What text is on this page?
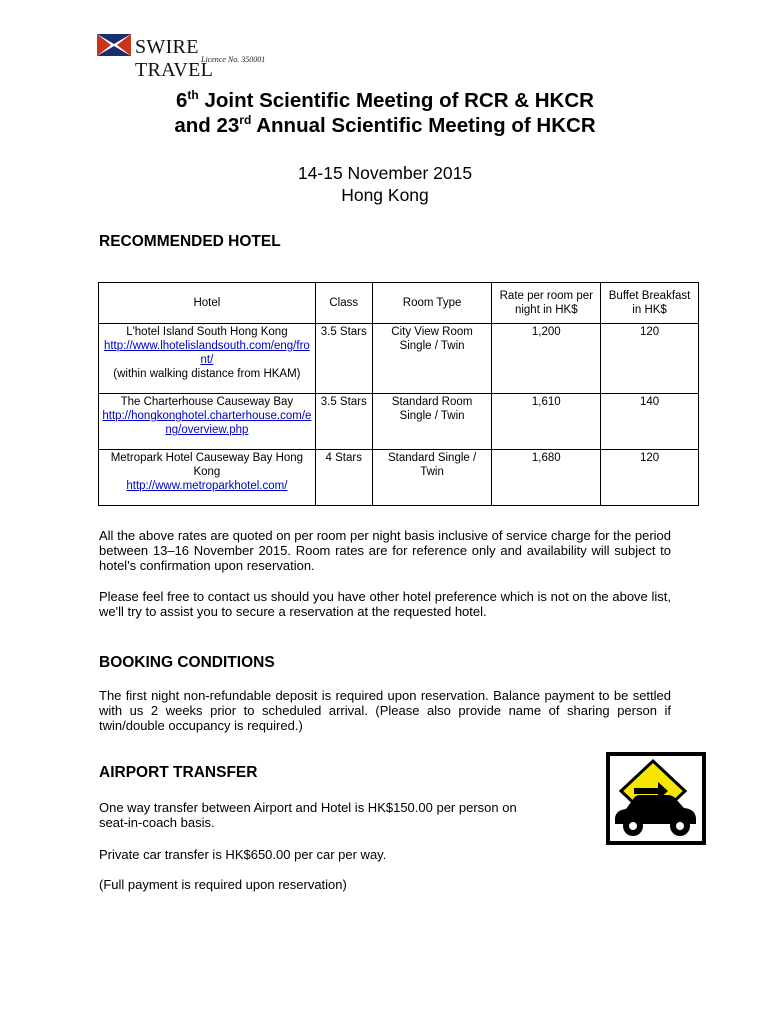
SWIRE TRAVEL
Licence No. 350001
6th Joint Scientific Meeting of RCR & HKCR
and 23rd Annual Scientific Meeting of HKCR
14-15 November 2015
Hong Kong
RECOMMENDED HOTEL
Hotel	Class	Room Type	Rate per room per night in HK$	Buffet Breakfast in HK$

L'hotel Island South Hong Kong
http://www.lhotelislandsouth.com/eng/front/
(within walking distance from HKAM)	3.5 Stars	City View Room Single / Twin	1,200	120

The Charterhouse Causeway Bay
http://hongkonghotel.charterhouse.com/eng/overview.php	3.5 Stars	Standard Room Single / Twin	1,610	140

Metropark Hotel Causeway Bay Hong Kong
http://www.metroparkhotel.com/	4 Stars	Standard Single / Twin	1,680	120
All the above rates are quoted on per room per night basis inclusive of service charge for the period between 13–16 November 2015. Room rates are for reference only and availability will subject to hotel's confirmation upon reservation.
Please feel free to contact us should you have other hotel preference which is not on the above list, we'll try to assist you to secure a reservation at the requested hotel.
BOOKING CONDITIONS
The first night non-refundable deposit is required upon reservation. Balance payment to be settled with us 2 weeks prior to scheduled arrival. (Please also provide name of sharing person if twin/double occupancy is required.)
AIRPORT TRANSFER
One way transfer between Airport and Hotel is HK$150.00 per person on seat-in-coach basis.
Private car transfer is HK$650.00 per car per way.
(Full payment is required upon reservation)
